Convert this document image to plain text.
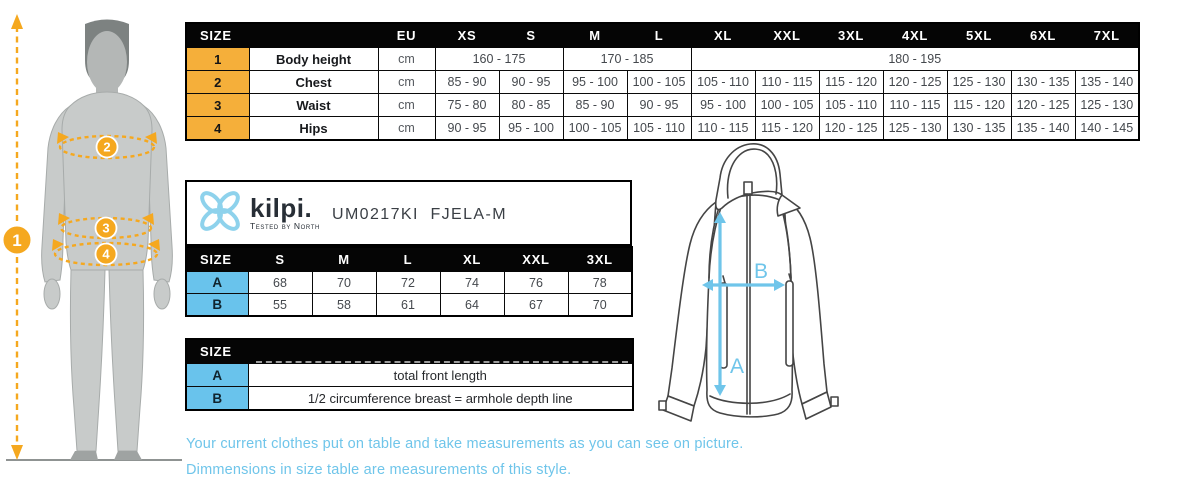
1
2
3
4
SIZE		EU	XS	S	M	L	XL	XXL	3XL	4XL	5XL	6XL	7XL
1	Body height	cm	160 - 175		170 - 185		180 - 195						
2	Chest	cm	85 - 90	90 - 95	95 - 100	100 - 105	105 - 110	110 - 115	115 - 120	120 - 125	125 - 130	130 - 135	135 - 140
3	Waist	cm	75 - 80	80 - 85	85 - 90	90 - 95	95 - 100	100 - 105	105 - 110	110 - 115	115 - 120	120 - 125	125 - 130
4	Hips	cm	90 - 95	95 - 100	100 - 105	105 - 110	110 - 115	115 - 120	120 - 125	125 - 130	130 - 135	135 - 140	140 - 145
kilpi.
Tested by North
UM0217KI  FJELA-M
SIZE	S	M	L	XL	XXL	3XL
A	68	70	72	74	76	78
B	55	58	61	64	67	70
SIZE	
A	total front length
B	1/2 circumference breast = armhole depth line
A
B
Your current clothes put on table and take measurements as you can see on picture.
Dimmensions in size table are measurements of this style.
